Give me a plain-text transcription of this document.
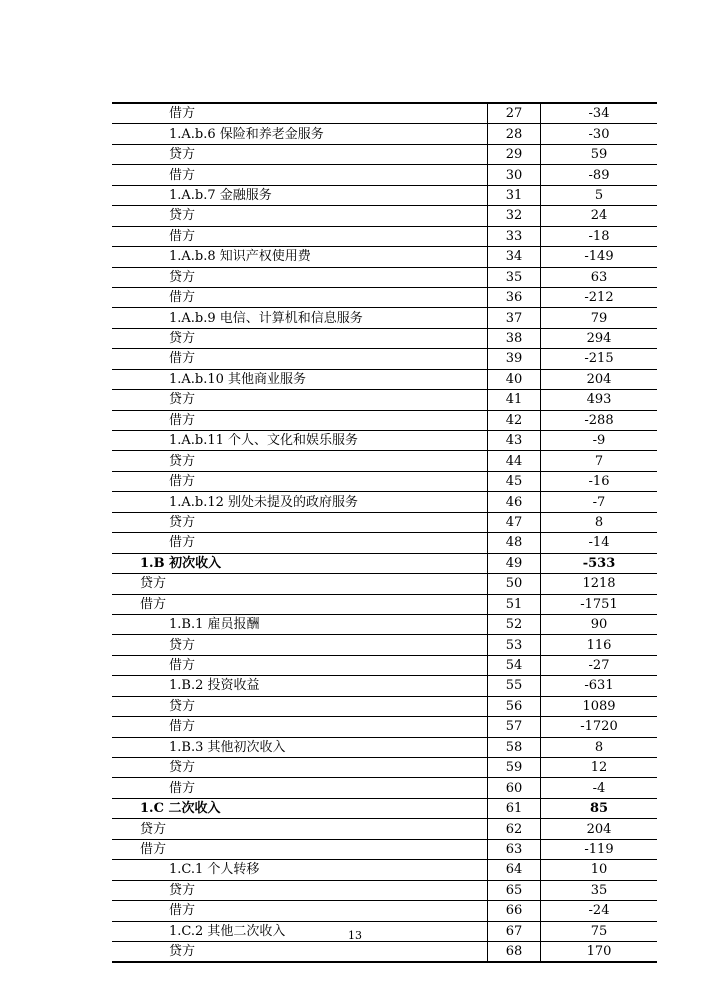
借方	27	-34
1.A.b.6 保险和养老金服务	28	-30
贷方	29	59
借方	30	-89
1.A.b.7 金融服务	31	5
贷方	32	24
借方	33	-18
1.A.b.8 知识产权使用费	34	-149
贷方	35	63
借方	36	-212
1.A.b.9 电信、计算机和信息服务	37	79
贷方	38	294
借方	39	-215
1.A.b.10 其他商业服务	40	204
贷方	41	493
借方	42	-288
1.A.b.11 个人、文化和娱乐服务	43	-9
贷方	44	7
借方	45	-16
1.A.b.12 别处未提及的政府服务	46	-7
贷方	47	8
借方	48	-14
1.B 初次收入	49	-533
贷方	50	1218
借方	51	-1751
1.B.1 雇员报酬	52	90
贷方	53	116
借方	54	-27
1.B.2 投资收益	55	-631
贷方	56	1089
借方	57	-1720
1.B.3 其他初次收入	58	8
贷方	59	12
借方	60	-4
1.C 二次收入	61	85
贷方	62	204
借方	63	-119
1.C.1 个人转移	64	10
贷方	65	35
借方	66	-24
1.C.2 其他二次收入	67	75
贷方	68	170
13
